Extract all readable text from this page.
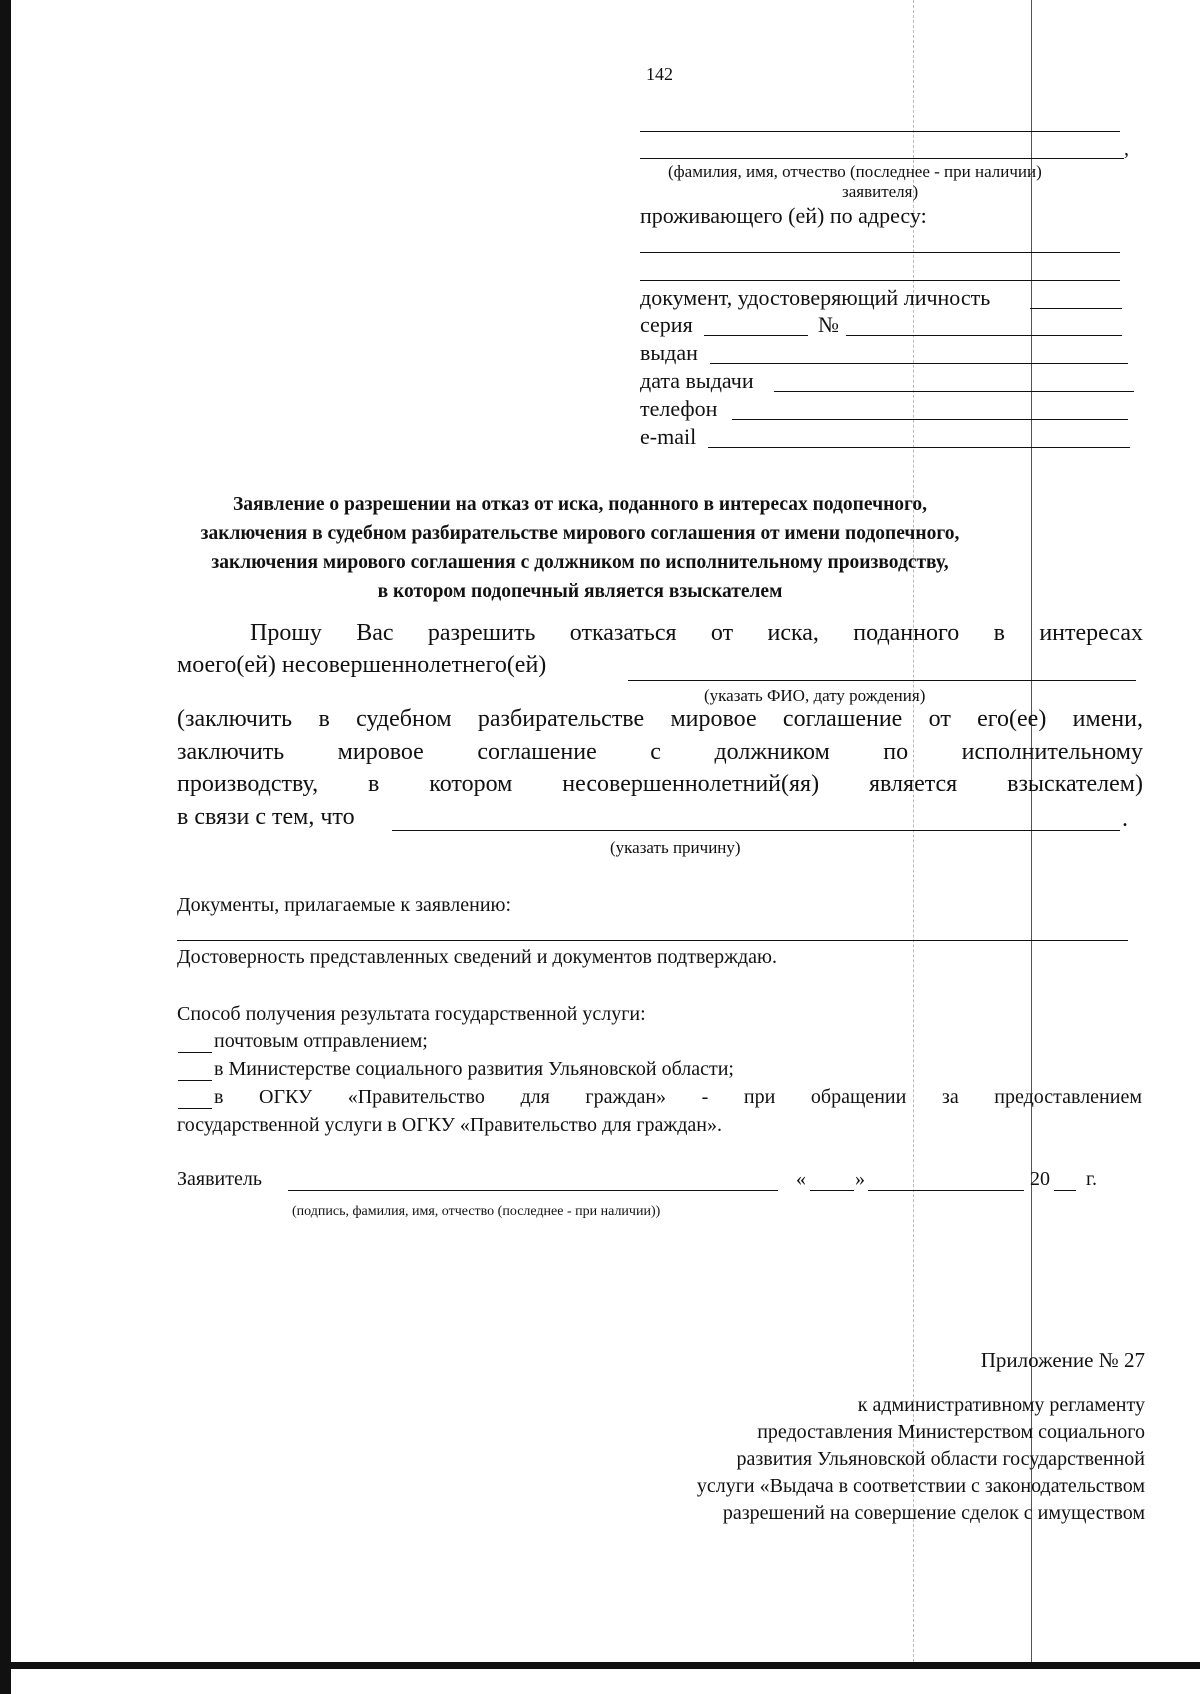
142
,
(фамилия, имя, отчество (последнее - при наличии)
заявителя)
проживающего (ей) по адресу:
документ, удостоверяющий личность
серия	№
выдан
дата выдачи
телефон
e-mail
Заявление о разрешении на отказ от иска, поданного в интересах подопечного,
заключения в судебном разбирательстве мирового соглашения от имени подопечного,
заключения мирового соглашения с должником по исполнительному производству,
в котором подопечный является взыскателем
Прошу Вас разрешить отказаться от иска, поданного в интересах
моего(ей) несовершеннолетнего(ей)
(указать ФИО, дату рождения)
(заключить в судебном разбирательстве мировое соглашение от его(ее) имени,
заключить мировое соглашение с должником по исполнительному
производству, в котором несовершеннолетний(яя) является взыскателем)
в связи с тем, что	.
(указать причину)
Документы, прилагаемые к заявлению:
Достоверность представленных сведений и документов подтверждаю.
Способ получения результата государственной услуги:
почтовым отправлением;
в Министерстве социального развития Ульяновской области;
в ОГКУ «Правительство для граждан» - при обращении за предоставлением
государственной услуги в ОГКУ «Правительство для граждан».
Заявитель	« »	20 г.
(подпись, фамилия, имя, отчество (последнее - при наличии))
Приложение № 27
к административному регламенту
предоставления Министерством социального
развития Ульяновской области государственной
услуги «Выдача в соответствии с законодательством
разрешений на совершение сделок с имуществом
